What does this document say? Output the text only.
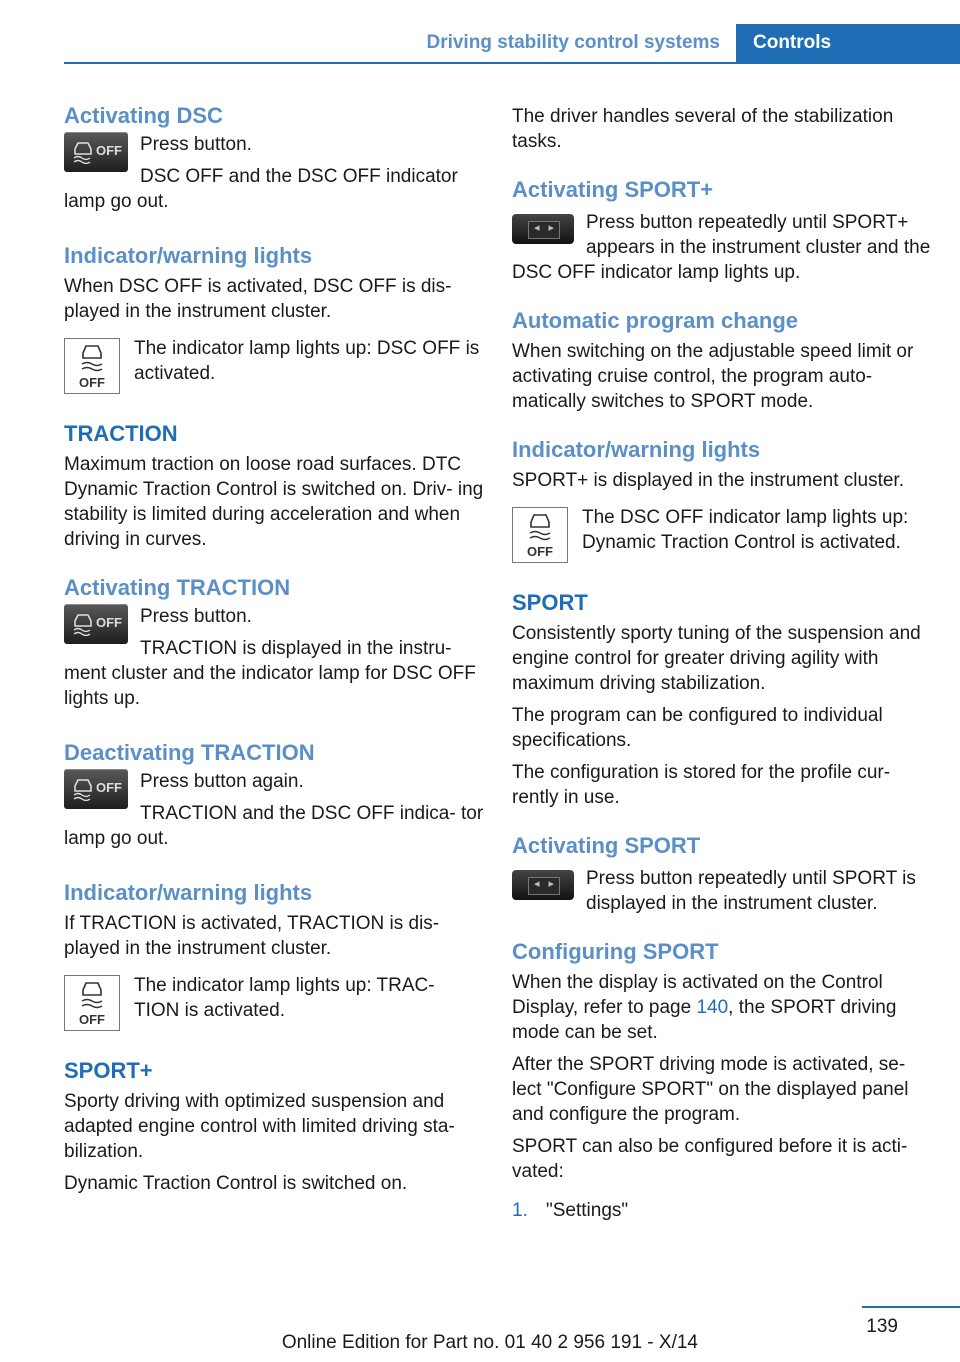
Driving stability control systems	Controls
Activating DSC
OFF Press button.

DSC OFF and the DSC OFF indicator lamp go out.

Indicator/warning lights

When DSC OFF is activated, DSC OFF is dis- played in the instrument cluster.

OFF

The indicator lamp lights up: DSC OFF is activated.

TRACTION

Maximum traction on loose road surfaces. DTC Dynamic Traction Control is switched on. Driv- ing stability is limited during acceleration and when driving in curves.

Activating TRACTION
OFF Press button.

TRACTION is displayed in the instru- ment cluster and the indicator lamp for DSC OFF lights up.

Deactivating TRACTION
OFF Press button again.

TRACTION and the DSC OFF indica- tor lamp go out.

Indicator/warning lights

If TRACTION is activated, TRACTION is dis- played in the instrument cluster.

OFF

The indicator lamp lights up: TRAC- TION is activated.

SPORT+

Sporty driving with optimized suspension and adapted engine control with limited driving sta- bilization.

Dynamic Traction Control is switched on.

The driver handles several of the stabilization tasks.

Activating SPORT+
◂ ▸	Press button repeatedly until SPORT+ appears in the instrument cluster and the DSC OFF indicator lamp lights up.

Automatic program change

When switching on the adjustable speed limit or activating cruise control, the program auto- matically switches to SPORT mode.

Indicator/warning lights

SPORT+ is displayed in the instrument cluster.

OFF

The DSC OFF indicator lamp lights up: Dynamic Traction Control is activated.

SPORT

Consistently sporty tuning of the suspension and engine control for greater driving agility with maximum driving stabilization.

The program can be configured to individual specifications.

The configuration is stored for the profile cur- rently in use.

Activating SPORT
◂ ▸	Press button repeatedly until SPORT is displayed in the instrument cluster.

Configuring SPORT

When the display is activated on the Control Display, refer to page 140, the SPORT driving mode can be set.

After the SPORT driving mode is activated, se- lect "Configure SPORT" on the displayed panel and configure the program.

SPORT can also be configured before it is acti- vated:

1. "Settings"
139
Online Edition for Part no. 01 40 2 956 191 - X/14
